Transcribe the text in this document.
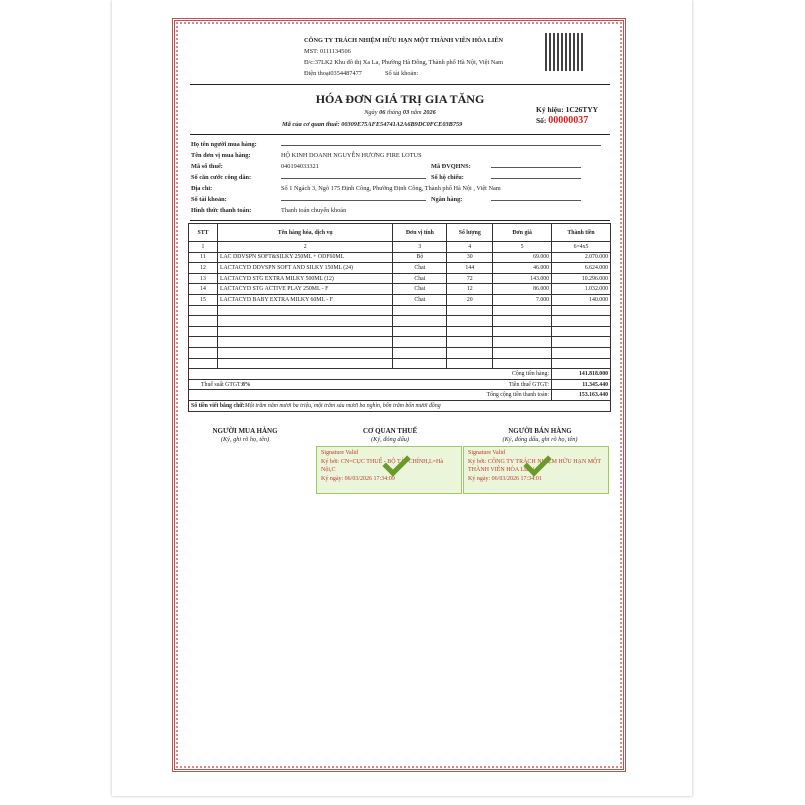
CÔNG TY TRÁCH NHIỆM HỮU HẠN MỘT THÀNH VIÊN HÒA LIÊN
MST: 0111134506
Đ/c:37LK2 Khu đô thị Xa La, Phường Hà Đông, Thành phố Hà Nội, Việt Nam
Điện thoại0354487477	Số tài khoản:
HÓA ĐƠN GIÁ TRỊ GIA TĂNG
Ngày 06 tháng 03 năm 2026
Mã của cơ quan thuế: 00309E75AFE54741A2A6B9DC0FCE03B759
Ký hiệu: 1C26TYY
Số: 00000037
Họ tên người mua hàng:
Tên đơn vị mua hàng:	HỘ KINH DOANH NGUYỄN HƯƠNG FIRE LOTUS
Mã số thuế:	040194033321	Mã ĐVQHNS:
Số căn cước công dân:	Số hộ chiếu:
Địa chỉ:	Số 1 Ngách 3, Ngõ 175 Định Công, Phường Định Công, Thành phố Hà Nội , Việt Nam
Số tài khoản:	Ngân hàng:
Hình thức thanh toán:	Thanh toán chuyển khoản
STT	Tên hàng hóa, dịch vụ	Đơn vị tính	Số lượng	Đơn giá	Thành tiền
1	2	3	4	5	6=4x5
11	LAC DDVSPN SOFT&SILKY 250ML + ODF60ML	Bộ	30	69.000	2.070.000
12	LACTACYD DDVSPN SOFT AND SILKY 150ML (24)	Chai	144	46.000	6.624.000
13	LACTACYD STG EXTRA MILKY 500ML (12)	Chai	72	143.000	10.296.000
14	LACTACYD STG ACTIVE PLAY 250ML - F	Chai	12	86.000	1.032.000
15	LACTACYD BABY EXTRA MILKY 60ML - F	Chai	20	7.000	140.000

Cộng tiền hàng:					141.818.000

Thuế suất GTGT:8% Tiền thuế GTGT:					11.345.440
Tổng cộng tiền thanh toán:					153.163.440
Số tiền viết bằng chữ:Một trăm năm mươi ba triệu, một trăm sáu mươi ba nghìn, bốn trăm bốn mươi đồng					
NGƯỜI MUA HÀNG
(Ký, ghi rõ họ, tên)
CƠ QUAN THUẾ
(Ký, đóng dấu)
NGƯỜI BÁN HÀNG
(Ký, đóng dấu, ghi rõ họ, tên)
Signature Valid
Ký bởi: CN=CỤC THUẾ - BỘ TÀI CHÍNH,L=Hà Nội,C
Ký ngày: 06/03/2026 17:34:09
Signature Valid
Ký bởi: CÔNG TY TRÁCH NHIỆM HỮU HẠN MỘT THÀNH VIÊN HÒA LIÊN
Ký ngày: 06/03/2026 17:34:01
